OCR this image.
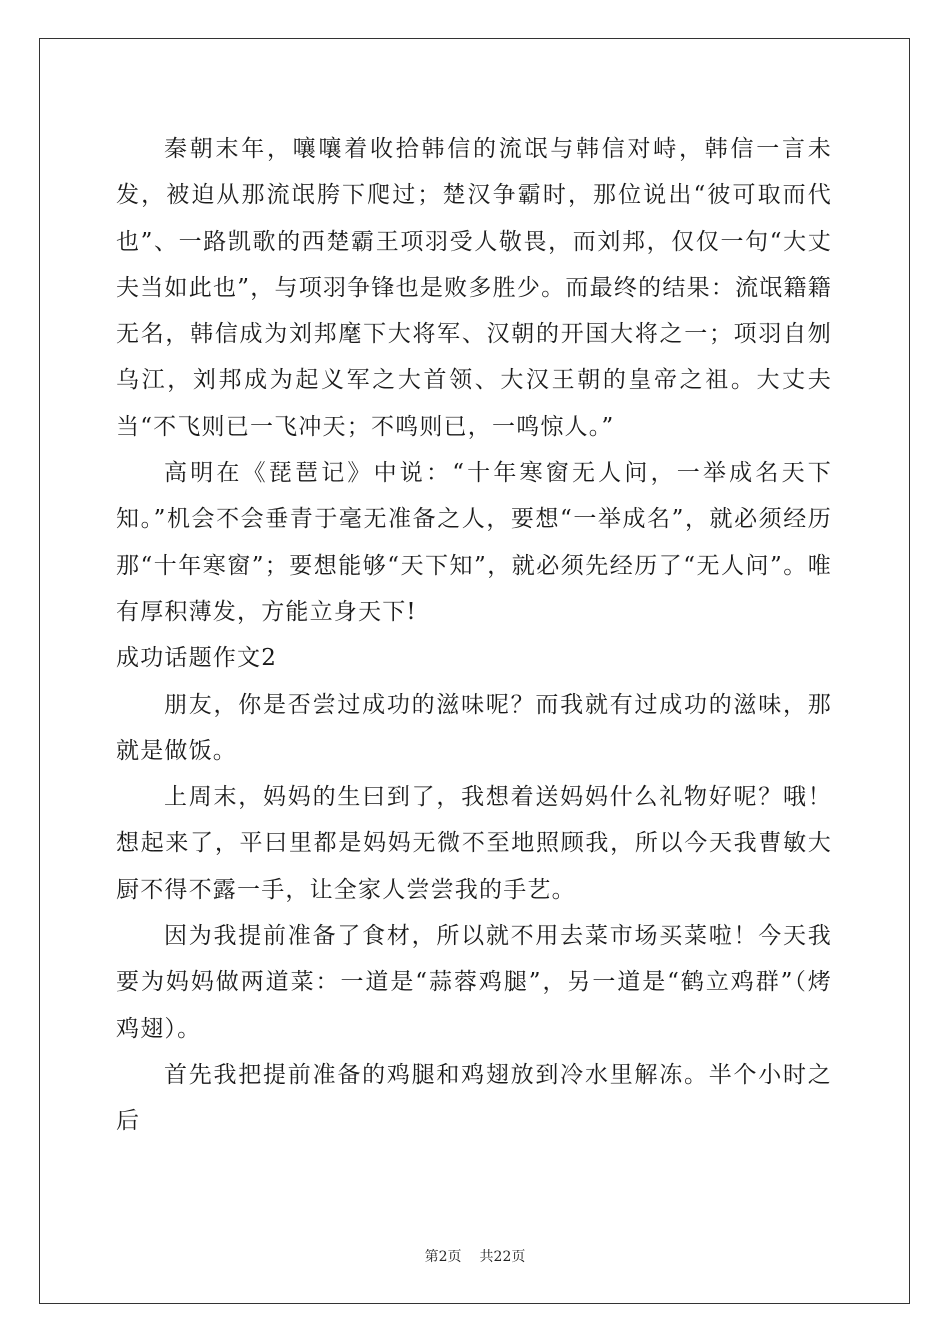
秦朝末年，嚷嚷着收拾韩信的流氓与韩信对峙，韩信一言未发，被迫从那流氓胯下爬过；楚汉争霸时，那位说出“彼可取而代也”、一路凯歌的西楚霸王项羽受人敬畏，而刘邦，仅仅一句“大丈夫当如此也”，与项羽争锋也是败多胜少。而最终的结果：流氓籍籍无名，韩信成为刘邦麾下大将军、汉朝的开国大将之一；项羽自刎乌江，刘邦成为起义军之大首领、大汉王朝的皇帝之祖。大丈夫当“不飞则已一飞冲天；不鸣则已，一鸣惊人。”

高明在《琵琶记》中说：“十年寒窗无人问，一举成名天下知。”机会不会垂青于毫无准备之人，要想“一举成名”，就必须经历那“十年寒窗”；要想能够“天下知”，就必须先经历了“无人问”。唯有厚积薄发，方能立身天下!

成功话题作文2

朋友，你是否尝过成功的滋味呢？而我就有过成功的滋味，那就是做饭。

上周末，妈妈的生曰到了，我想着送妈妈什么礼物好呢？哦！想起来了，平曰里都是妈妈无微不至地照顾我，所以今天我曹敏大厨不得不露一手，让全家人尝尝我的手艺。

因为我提前准备了食材，所以就不用去菜市场买菜啦！今天我要为妈妈做两道菜：一道是“蒜蓉鸡腿”，另一道是“鹤立鸡群”（烤鸡翅）。

首先我把提前准备的鸡腿和鸡翅放到冷水里解冻。半个小时之后

第2页 共22页
